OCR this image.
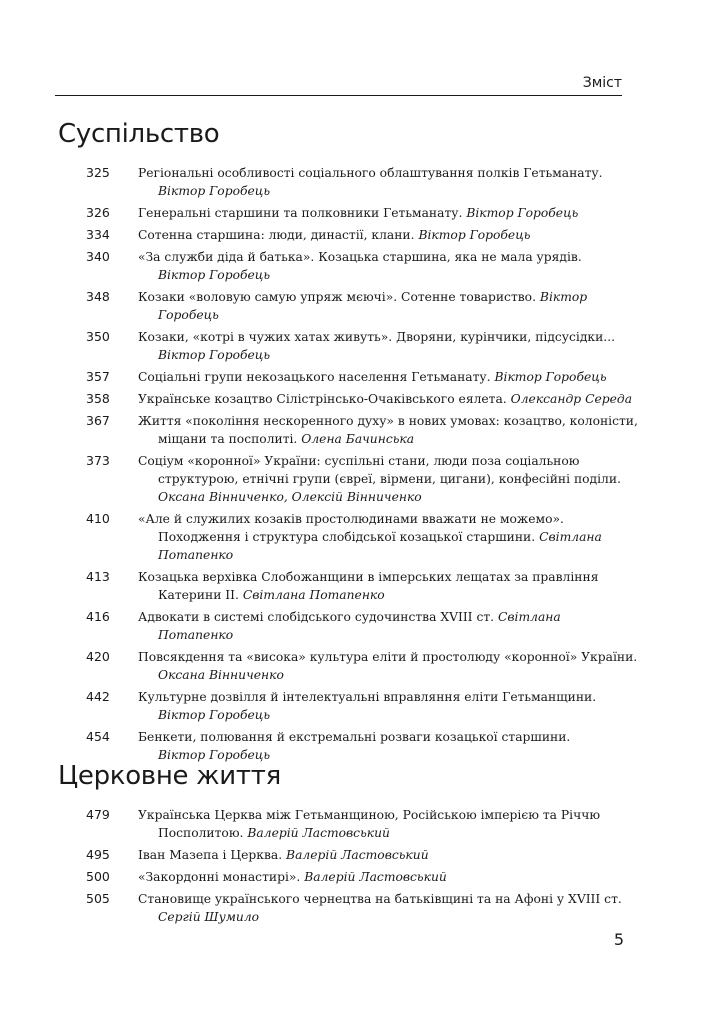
Зміст
Суспільство
325	Регіональні особливості соціального облаштування полків Гетьманату.
Віктор Горобець
326	Генеральні старшини та полковники Гетьманату. Віктор Горобець
334	Сотенна старшина: люди, династії, клани. Віктор Горобець
340	«За служби діда й батька». Козацька старшина, яка не мала урядів.
Віктор Горобець
348	Козаки «воловую самую упряж мєючі». Сотенне товариство. Віктор Горобець
350	Козаки, «котрі в чужих хатах живуть». Дворяни, курінчики, підсусідки...
Віктор Горобець
357	Соціальні групи некозацького населення Гетьманату. Віктор Горобець
358	Українське козацтво Сілістрінсько-Очаківського еялета. Олександр Середа
367	Життя «покоління нескоренного духу» в нових умовах: козацтво, колоністи, міщани та посполиті. Олена Бачинська
373	Соціум «коронної» України: суспільні стани, люди поза соціальною структурою, етнічні групи (євреї, вірмени, цигани), конфесійні поділи.
Оксана Вінниченко, Олексій Вінниченко
410	«Але й служилих козаків простолюдинами вважати не можемо». Походження і структура слобідської козацької старшини. Світлана Потапенко
413	Козацька верхівка Слобожанщини в імперських лещатах за правління Катерини ІІ. Світлана Потапенко
416	Адвокати в системі слобідського судочинства XVIII ст. Світлана Потапенко
420	Повсякдення та «висока» культура еліти й простолюду «коронної» України.
Оксана Вінниченко
442	Культурне дозвілля й інтелектуальні вправляння еліти Гетьманщини.
Віктор Горобець
454	Бенкети, полювання й екстремальні розваги козацької старшини.
Віктор Горобець
Церковне життя
479	Українська Церква між Гетьманщиною, Російською імперією та Річчю Посполитою. Валерій Ластовський
495	Іван Мазепа і Церква. Валерій Ластовський
500	«Закордонні монастирі». Валерій Ластовський
505	Становище українського чернецтва на батьківщині та на Афоні у XVIII ст.
Сергій Шумило
5
